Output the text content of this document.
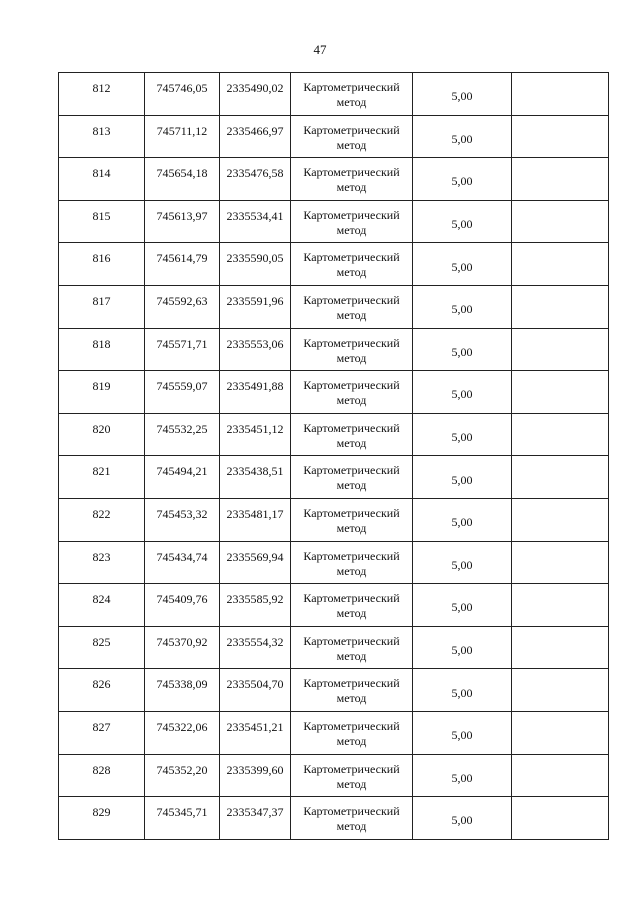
47
812	745746,05	2335490,02	Картометрический метод	5,00	
813	745711,12	2335466,97	Картометрический метод	5,00	
814	745654,18	2335476,58	Картометрический метод	5,00	
815	745613,97	2335534,41	Картометрический метод	5,00	
816	745614,79	2335590,05	Картометрический метод	5,00	
817	745592,63	2335591,96	Картометрический метод	5,00	
818	745571,71	2335553,06	Картометрический метод	5,00	
819	745559,07	2335491,88	Картометрический метод	5,00	
820	745532,25	2335451,12	Картометрический метод	5,00	
821	745494,21	2335438,51	Картометрический метод	5,00	
822	745453,32	2335481,17	Картометрический метод	5,00	
823	745434,74	2335569,94	Картометрический метод	5,00	
824	745409,76	2335585,92	Картометрический метод	5,00	
825	745370,92	2335554,32	Картометрический метод	5,00	
826	745338,09	2335504,70	Картометрический метод	5,00	
827	745322,06	2335451,21	Картометрический метод	5,00	
828	745352,20	2335399,60	Картометрический метод	5,00	
829	745345,71	2335347,37	Картометрический метод	5,00	
